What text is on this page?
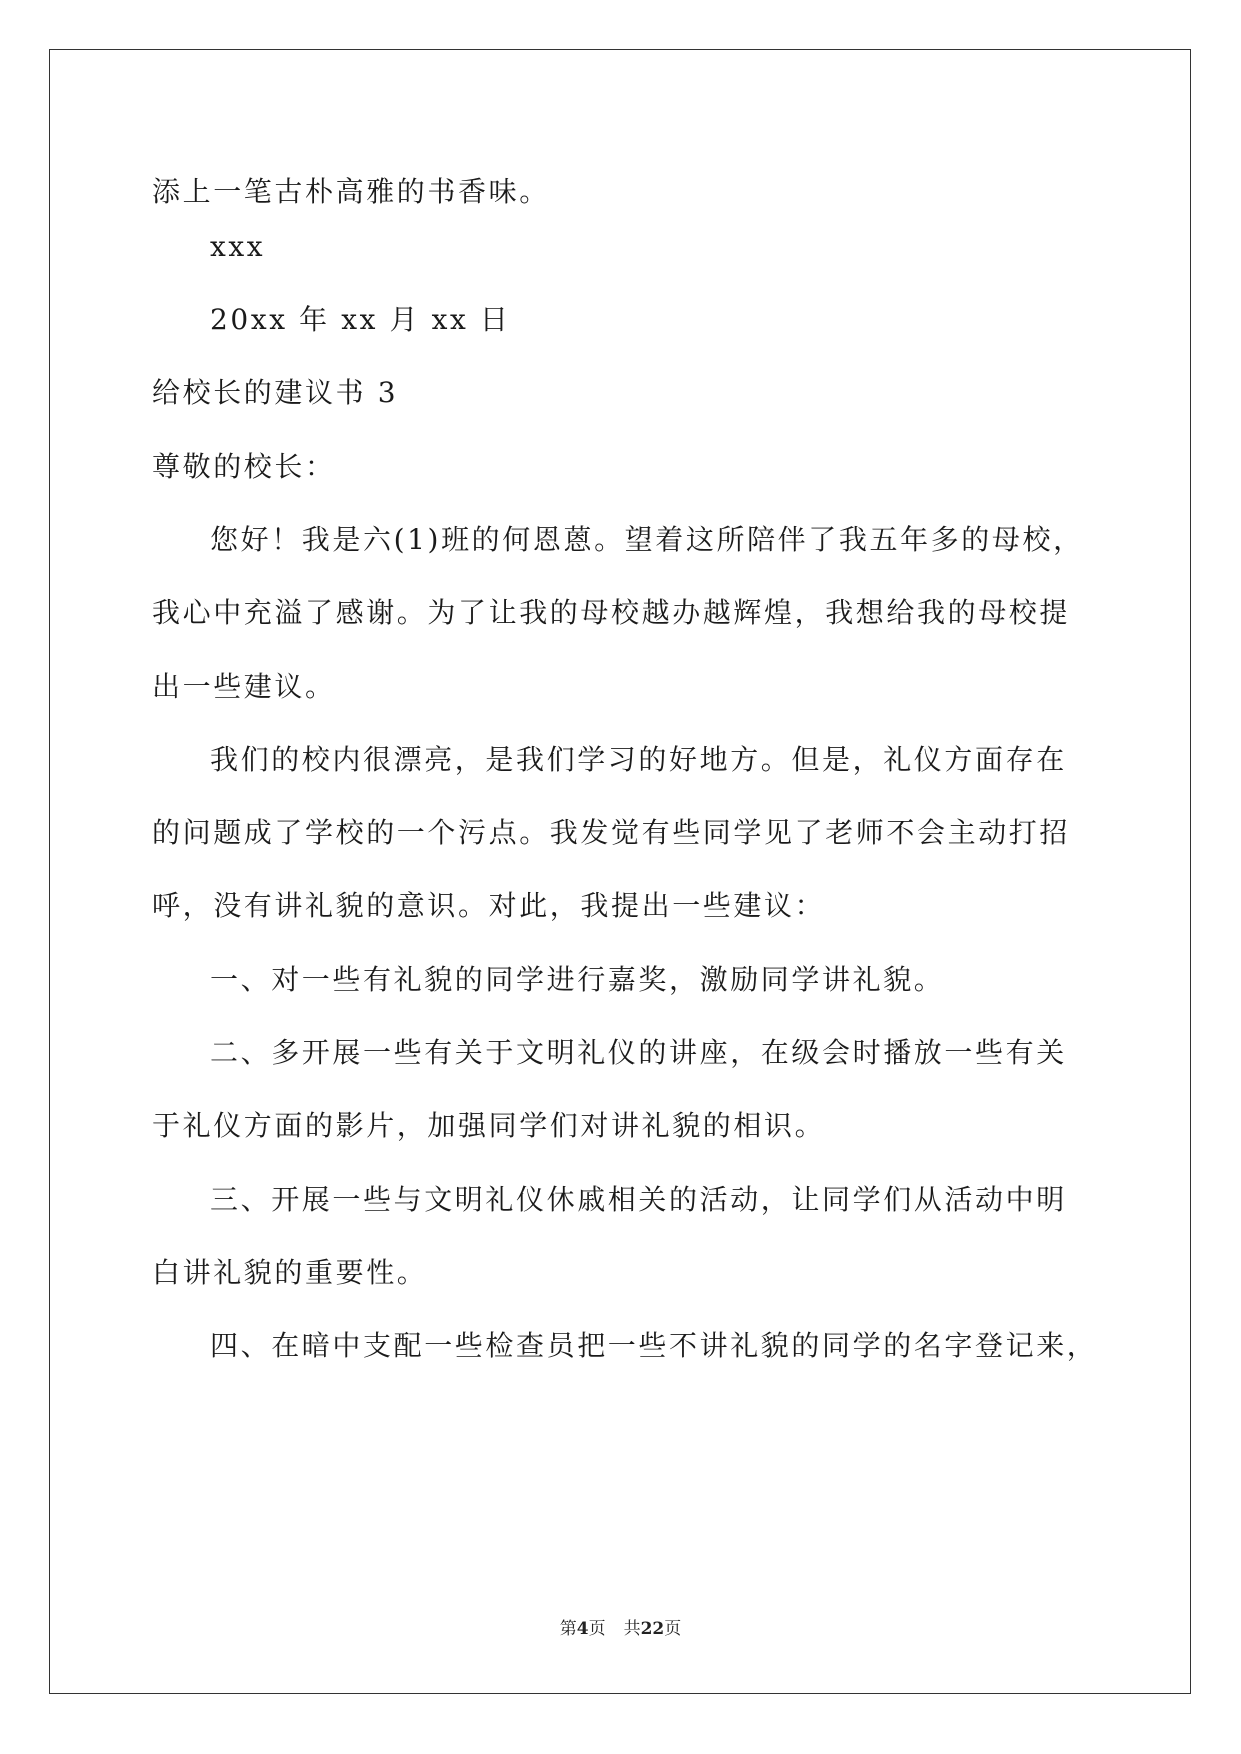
添上一笔古朴高雅的书香味。
xxx
20xx 年 xx 月 xx 日
给校长的建议书 3
尊敬的校长：
您好！我是六(1)班的何恩蒽。望着这所陪伴了我五年多的母校，
我心中充溢了感谢。为了让我的母校越办越辉煌，我想给我的母校提
出一些建议。
我们的校内很漂亮，是我们学习的好地方。但是，礼仪方面存在
的问题成了学校的一个污点。我发觉有些同学见了老师不会主动打招
呼，没有讲礼貌的意识。对此，我提出一些建议：
一、对一些有礼貌的同学进行嘉奖，激励同学讲礼貌。
二、多开展一些有关于文明礼仪的讲座，在级会时播放一些有关
于礼仪方面的影片，加强同学们对讲礼貌的相识。
三、开展一些与文明礼仪休戚相关的活动，让同学们从活动中明
白讲礼貌的重要性。
四、在暗中支配一些检查员把一些不讲礼貌的同学的名字登记来，
第4页 共22页
